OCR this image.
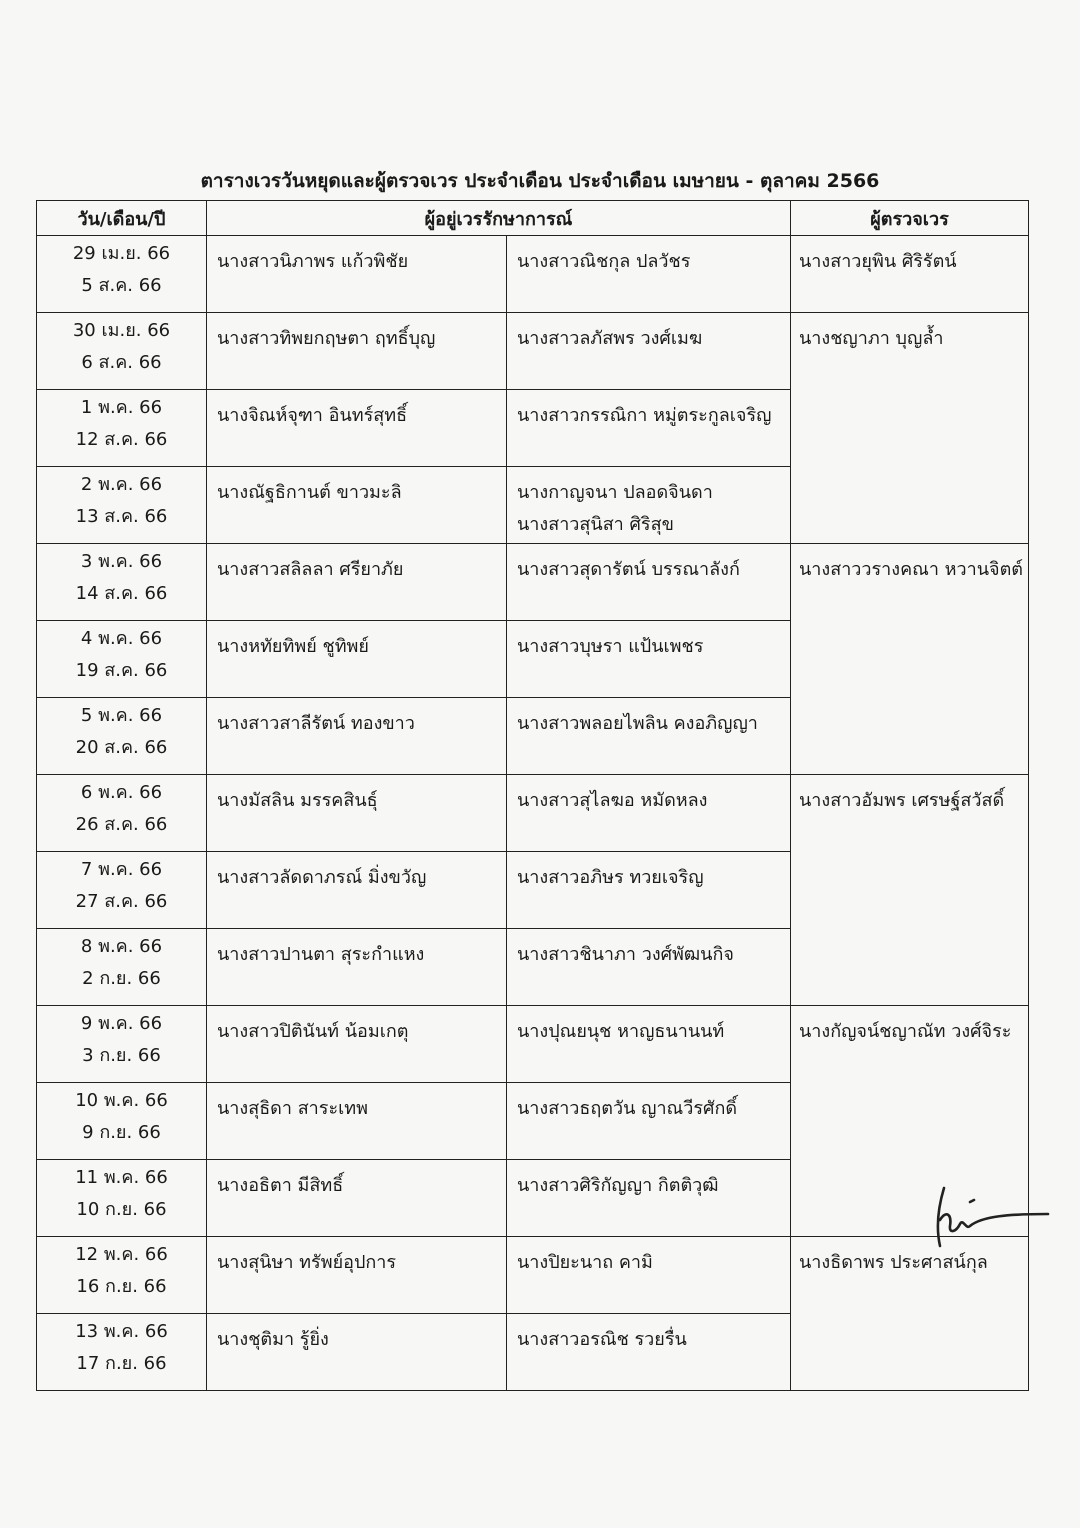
ตารางเวรวันหยุดและผู้ตรวจเวร ประจำเดือน ประจำเดือน เมษายน - ตุลาคม 2566
วัน/เดือน/ปี	ผู้อยู่เวรรักษาการณ์		ผู้ตรวจเวร

29 เม.ย. 66
5 ส.ค. 66	นางสาวนิภาพร แก้วพิชัย	นางสาวณิชกุล ปลวัชร	นางสาวยุพิน ศิริรัตน์

30 เม.ย. 66
6 ส.ค. 66	นางสาวทิพยกฤษตา ฤทธิ์บุญ	นางสาวลภัสพร วงศ์เมฆ	นางชญาภา บุญล้ำ

1 พ.ค. 66
12 ส.ค. 66	นางจิณห์จุฑา อินทร์สุทธิ์	นางสาวกรรณิกา หมู่ตระกูลเจริญ	

2 พ.ค. 66
13 ส.ค. 66	นางณัฐธิกานต์ ขาวมะลิ	นางกาญจนา ปลอดจินดา
นางสาวสุนิสา ศิริสุข	

3 พ.ค. 66
14 ส.ค. 66	นางสาวสลิลลา ศรียาภัย	นางสาวสุดารัตน์ บรรณาลังก์	นางสาววรางคณา หวานจิตต์

4 พ.ค. 66
19 ส.ค. 66	นางหทัยทิพย์ ชูทิพย์	นางสาวบุษรา แป้นเพชร	

5 พ.ค. 66
20 ส.ค. 66	นางสาวสาลีรัตน์ ทองขาว	นางสาวพลอยไพลิน คงอภิญญา	

6 พ.ค. 66
26 ส.ค. 66	นางมัสลิน มรรคสินธุ์	นางสาวสุไลฆอ หมัดหลง	นางสาวอัมพร เศรษฐ์สวัสดิ์

7 พ.ค. 66
27 ส.ค. 66	นางสาวลัดดาภรณ์ มิ่งขวัญ	นางสาวอภิษร ทวยเจริญ	

8 พ.ค. 66
2 ก.ย. 66	นางสาวปานตา สุระกำแหง	นางสาวชินาภา วงศ์พัฒนกิจ	

9 พ.ค. 66
3 ก.ย. 66	นางสาวปิตินันท์ น้อมเกตุ	นางปุณยนุช หาญธนานนท์	นางกัญจน์ชญาณัท วงศ์จิระ

10 พ.ค. 66
9 ก.ย. 66	นางสุธิดา สาระเทพ	นางสาวธฤตวัน ญาณวีรศักดิ์	

11 พ.ค. 66
10 ก.ย. 66	นางอธิตา มีสิทธิ์	นางสาวศิริกัญญา กิตติวุฒิ	

12 พ.ค. 66
16 ก.ย. 66	นางสุนิษา ทรัพย์อุปการ	นางปิยะนาถ คามิ	นางธิดาพร ประศาสน์กุล

13 พ.ค. 66
17 ก.ย. 66	นางชุติมา รู้ยิ่ง	นางสาวอรณิช รวยรื่น	
